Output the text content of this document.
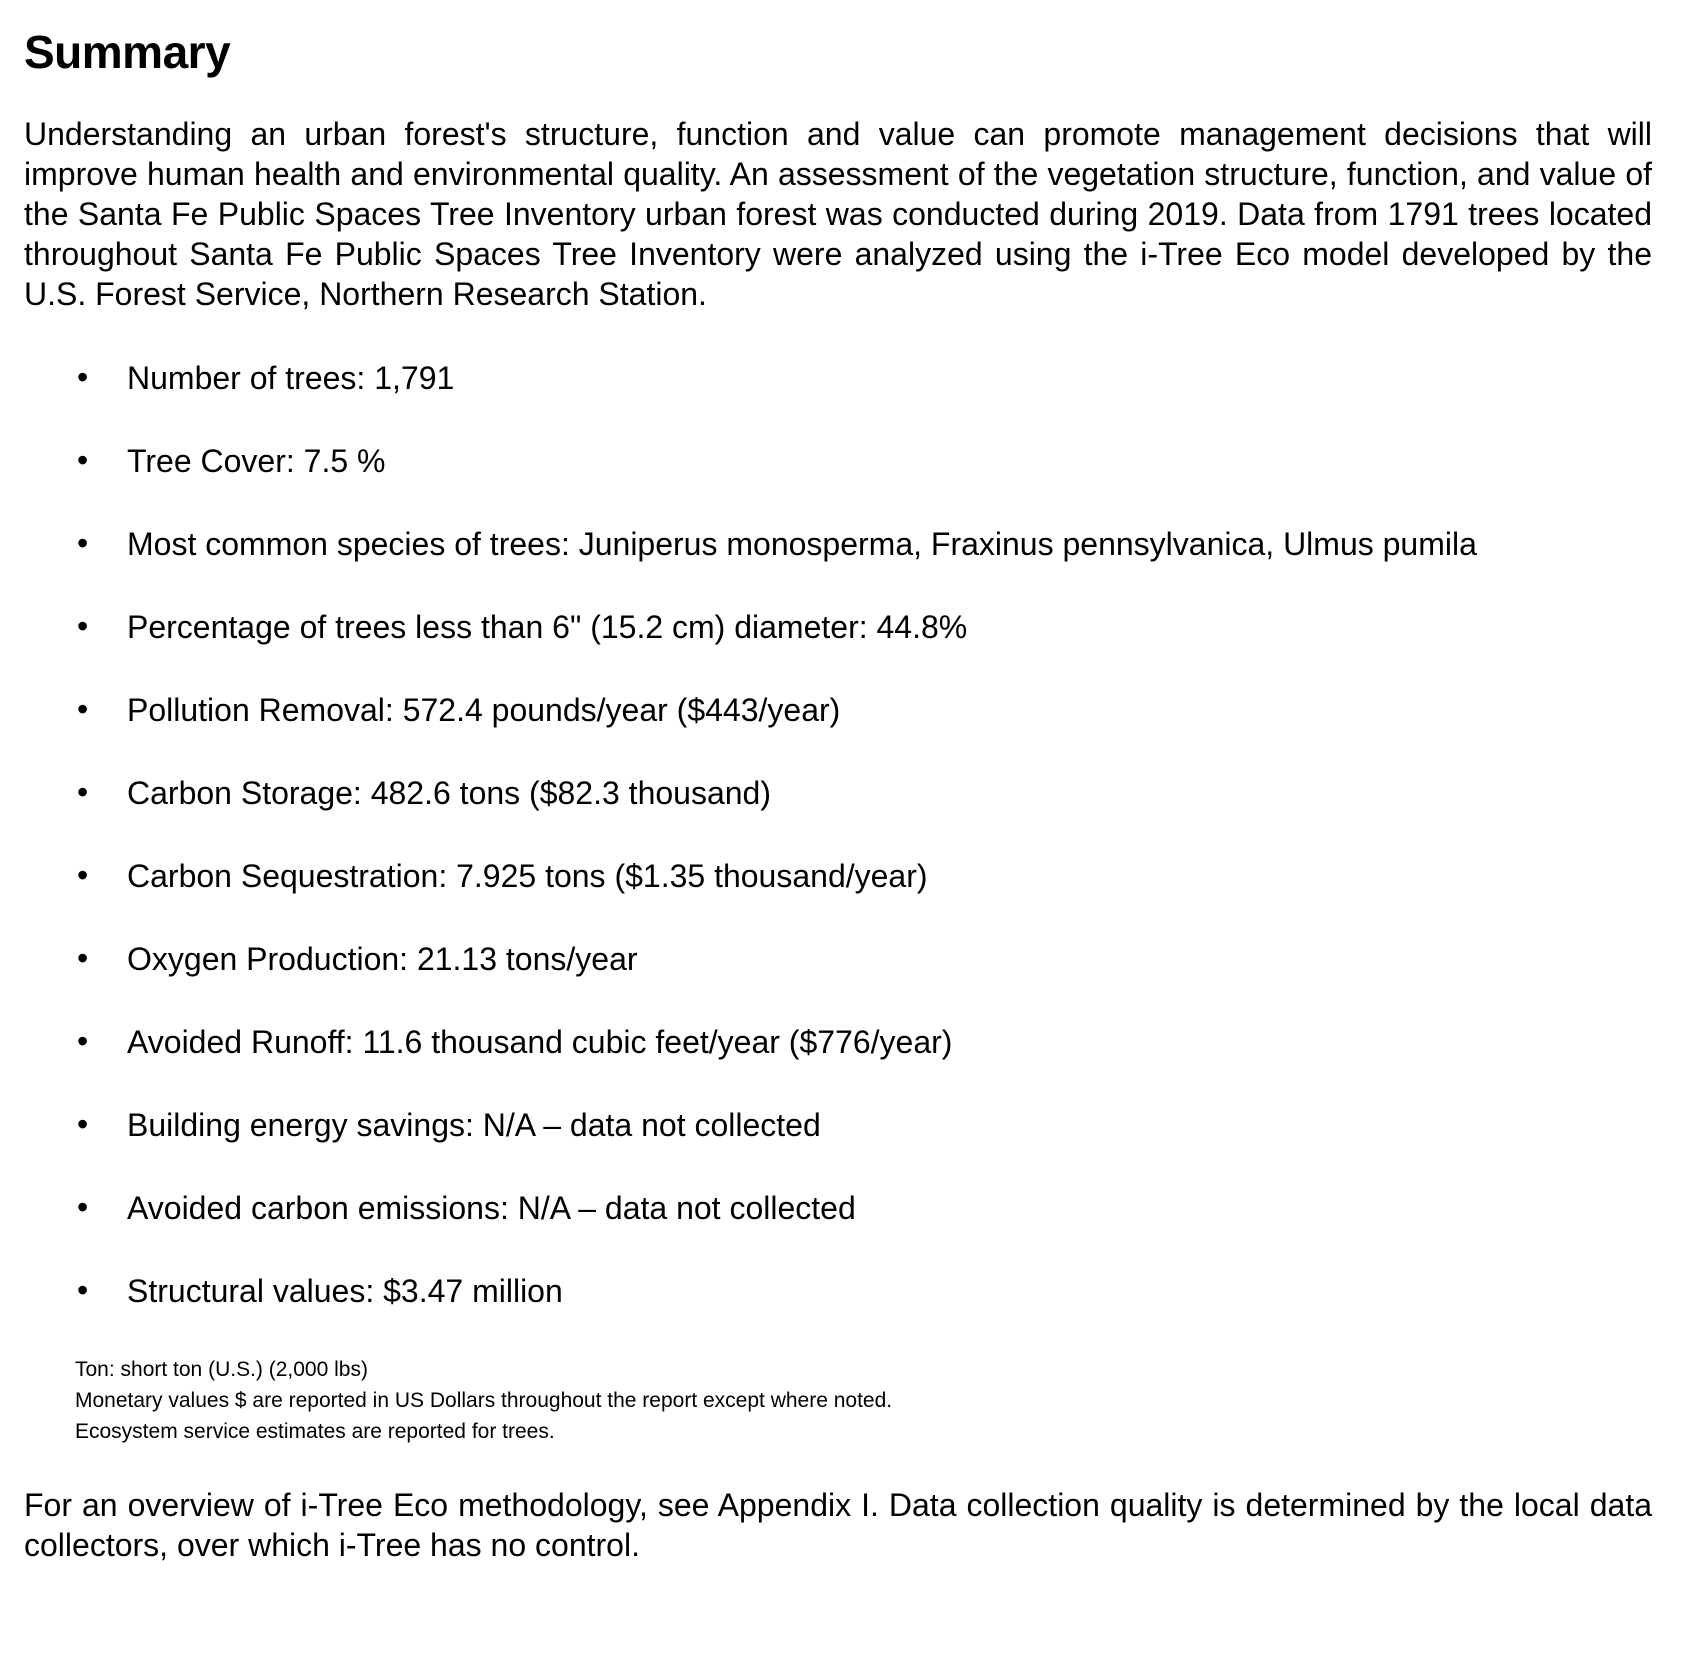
Summary

Understanding an urban forest's structure, function and value can promote management decisions that will improve human health and environmental quality. An assessment of the vegetation structure, function, and value of the Santa Fe Public Spaces Tree Inventory urban forest was conducted during 2019. Data from 1791 trees located throughout Santa Fe Public Spaces Tree Inventory were analyzed using the i-Tree Eco model developed by the U.S. Forest Service, Northern Research Station.

• Number of trees: 1,791
• Tree Cover: 7.5 %
• Most common species of trees: Juniperus monosperma, Fraxinus pennsylvanica, Ulmus pumila
• Percentage of trees less than 6" (15.2 cm) diameter: 44.8%
• Pollution Removal: 572.4 pounds/year ($443/year)
• Carbon Storage: 482.6 tons ($82.3 thousand)
• Carbon Sequestration: 7.925 tons ($1.35 thousand/year)
• Oxygen Production: 21.13 tons/year
• Avoided Runoff: 11.6 thousand cubic feet/year ($776/year)
• Building energy savings: N/A – data not collected
• Avoided carbon emissions: N/A – data not collected
• Structural values: $3.47 million

Ton: short ton (U.S.) (2,000 lbs)

Monetary values $ are reported in US Dollars throughout the report except where noted.

Ecosystem service estimates are reported for trees.

For an overview of i-Tree Eco methodology, see Appendix I. Data collection quality is determined by the local data collectors, over which i-Tree has no control.
